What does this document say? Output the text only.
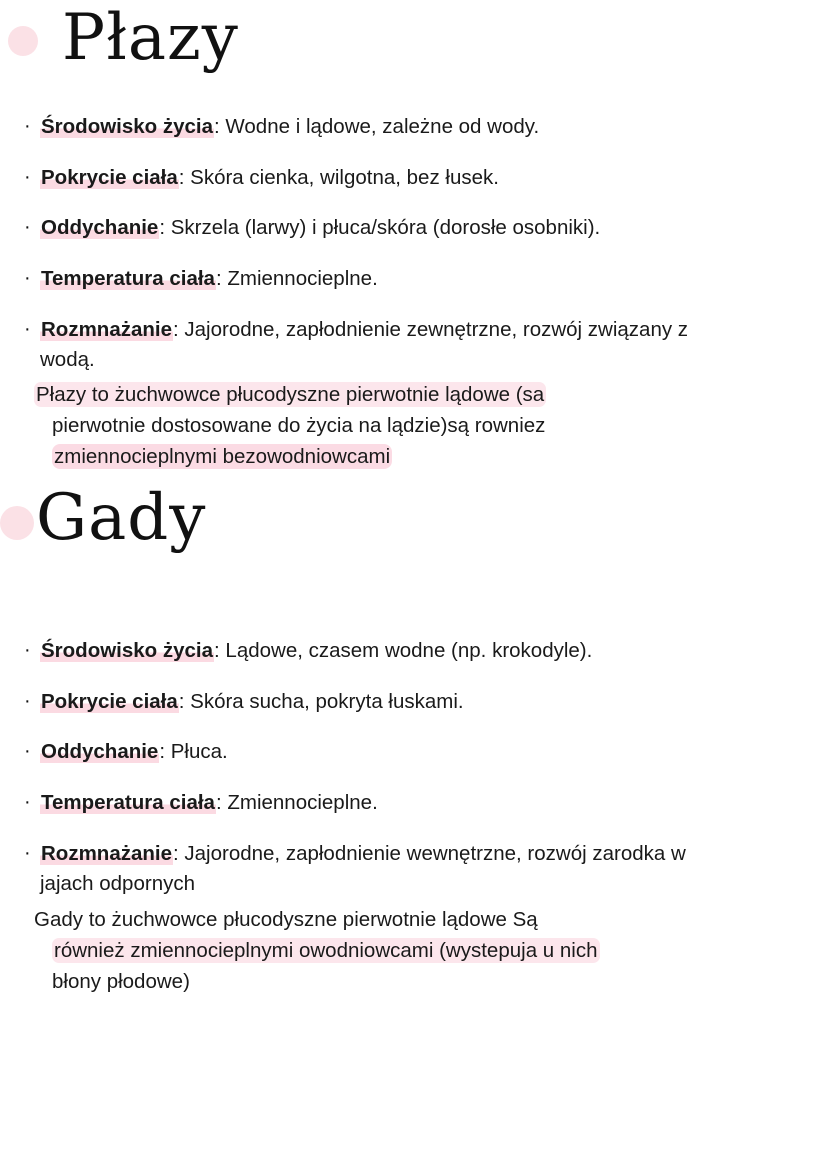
Płazy
· Środowisko życia: Wodne i lądowe, zależne od wody.
· Pokrycie ciała: Skóra cienka, wilgotna, bez łusek.
· Oddychanie: Skrzela (larwy) i płuca/skóra (dorosłe osobniki).
· Temperatura ciała: Zmiennocieplne.
· Rozmnażanie: Jajorodne, zapłodnienie zewnętrzne, rozwój związany z wodą.
Płazy to żuchwowce płucodyszne pierwotnie lądowe (sa
pierwotnie dostosowane do życia na lądzie)są rowniez
zmiennocieplnymi bezowodniowcami
Gady
· Środowisko życia: Lądowe, czasem wodne (np. krokodyle).
· Pokrycie ciała: Skóra sucha, pokryta łuskami.
· Oddychanie: Płuca.
· Temperatura ciała: Zmiennocieplne.
· Rozmnażanie: Jajorodne, zapłodnienie wewnętrzne, rozwój zarodka w jajach odpornych
Gady to żuchwowce płucodyszne pierwotnie lądowe Są
również zmiennocieplnymi owodniowcami (wystepuja u nich
błony płodowe)
